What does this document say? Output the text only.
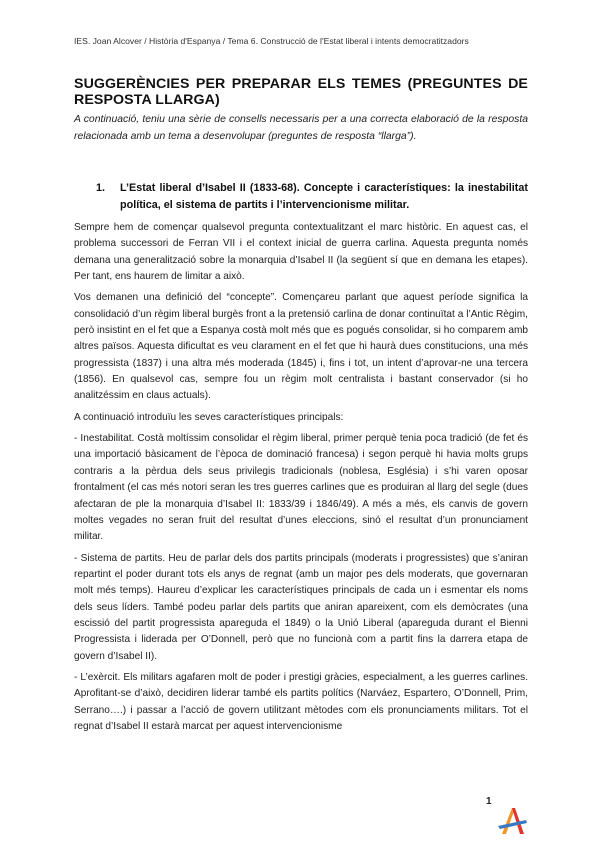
IES. Joan Alcover / Història d'Espanya / Tema 6. Construcció de l'Estat liberal i intents democratitzadors
SUGGERÈNCIES PER PREPARAR ELS TEMES (PREGUNTES DE RESPOSTA LLARGA)

A continuació, teniu una sèrie de consells necessaris per a una correcta elaboració de la resposta relacionada amb un tema a desenvolupar (preguntes de resposta “llarga”).

1.	L’Estat liberal d’Isabel II (1833-68). Concepte i característiques: la inestabilitat política, el sistema de partits i l’intervencionisme militar.

Sempre hem de començar qualsevol pregunta contextualitzant el marc històric. En aquest cas, el problema successori de Ferran VII i el context inicial de guerra carlina. Aquesta pregunta només demana una generalització sobre la monarquia d’Isabel II (la següent sí que en demana les etapes). Per tant, ens haurem de limitar a això.

Vos demanen una definició del “concepte”. Començareu parlant que aquest període significa la consolidació d’un règim liberal burgès front a la pretensió carlina de donar continuïtat a l’Antic Règim, però insistint en el fet que a Espanya costà molt més que es pogués consolidar, si ho comparem amb altres països. Aquesta dificultat es veu clarament en el fet que hi haurà dues constitucions, una més progressista (1837) i una altra més moderada (1845) i, fins i tot, un intent d’aprovar-ne una tercera (1856). En qualsevol cas, sempre fou un règim molt centralista i bastant conservador (si ho analitzéssim en claus actuals).

A continuació introduïu les seves característiques principals:

- Inestabilitat. Costà moltíssim consolidar el règim liberal, primer perquè tenia poca tradició (de fet és una importació bàsicament de l’època de dominació francesa) i segon perquè hi havia molts grups contraris a la pèrdua dels seus privilegis tradicionals (noblesa, Església) i s’hi varen oposar frontalment (el cas més notori seran les tres guerres carlines que es produiran al llarg del segle (dues afectaran de ple la monarquia d’Isabel II: 1833/39 i 1846/49). A més a més, els canvis de govern moltes vegades no seran fruit del resultat d’unes eleccions, sinó el resultat d’un pronunciament militar.

- Sistema de partits. Heu de parlar dels dos partits principals (moderats i progressistes) que s’aniran repartint el poder durant tots els anys de regnat (amb un major pes dels moderats, que governaran molt més temps). Haureu d’explicar les característiques principals de cada un i esmentar els noms dels seus líders. També podeu parlar dels partits que aniran apareixent, com els demòcrates (una escissió del partit progressista apareguda el 1849) o la Unió Liberal (apareguda durant el Bienni Progressista i liderada per O’Donnell, però que no funcionà com a partit fins la darrera etapa de govern d’Isabel II).

- L’exèrcit. Els militars agafaren molt de poder i prestigi gràcies, especialment, a les guerres carlines. Aprofitant-se d’això, decidiren liderar també els partits polítics (Narváez, Espartero, O’Donnell, Prim, Serrano….) i passar a l’acció de govern utilitzant mètodes com els pronunciaments militars. Tot el regnat d’Isabel II estarà marcat per aquest intervencionisme

1
